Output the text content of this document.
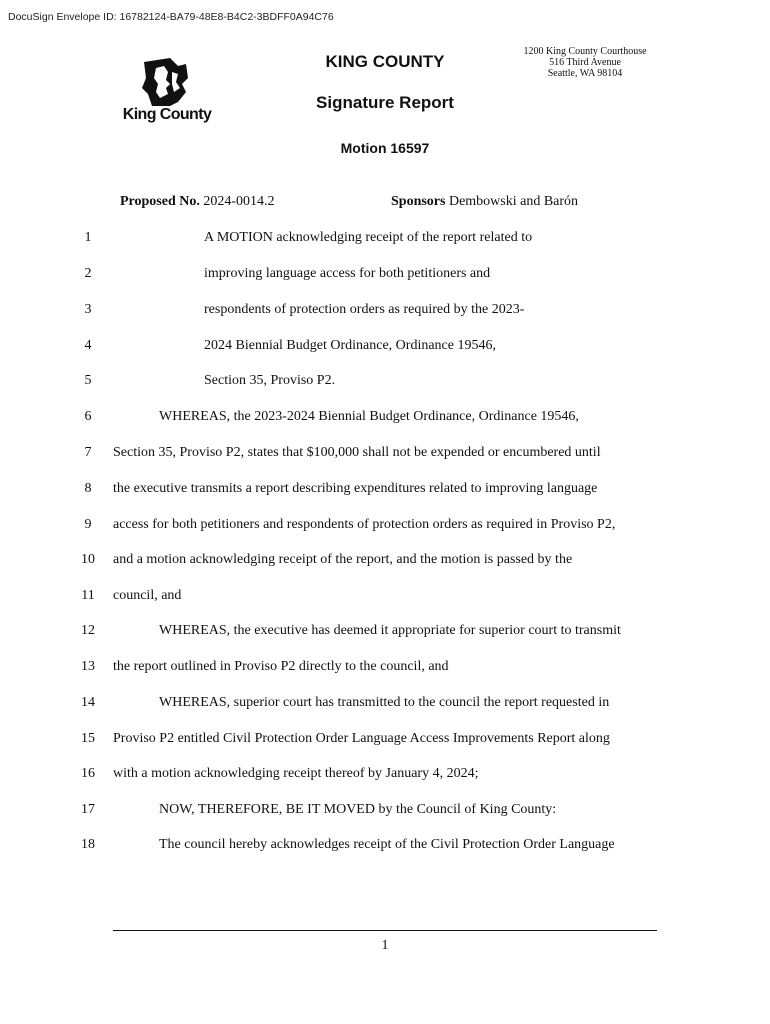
DocuSign Envelope ID: 16782124-BA79-48E8-B4C2-3BDFF0A94C76
King County
KING COUNTY
1200 King County Courthouse
516 Third Avenue
Seattle, WA 98104
Signature Report
Motion 16597
Proposed No. 2024-0014.2	Sponsors Dembowski and Barón
1	A MOTION acknowledging receipt of the report related to
2	improving language access for both petitioners and
3	respondents of protection orders as required by the 2023-
4	2024 Biennial Budget Ordinance, Ordinance 19546,
5	Section 35, Proviso P2.
6	WHEREAS, the 2023-2024 Biennial Budget Ordinance, Ordinance 19546,
7	Section 35, Proviso P2, states that $100,000 shall not be expended or encumbered until
8	the executive transmits a report describing expenditures related to improving language
9	access for both petitioners and respondents of protection orders as required in Proviso P2,
10	and a motion acknowledging receipt of the report, and the motion is passed by the
11	council, and
12	WHEREAS, the executive has deemed it appropriate for superior court to transmit
13	the report outlined in Proviso P2 directly to the council, and
14	WHEREAS, superior court has transmitted to the council the report requested in
15	Proviso P2 entitled Civil Protection Order Language Access Improvements Report along
16	with a motion acknowledging receipt thereof by January 4, 2024;
17	NOW, THEREFORE, BE IT MOVED by the Council of King County:
18	The council hereby acknowledges receipt of the Civil Protection Order Language
1
